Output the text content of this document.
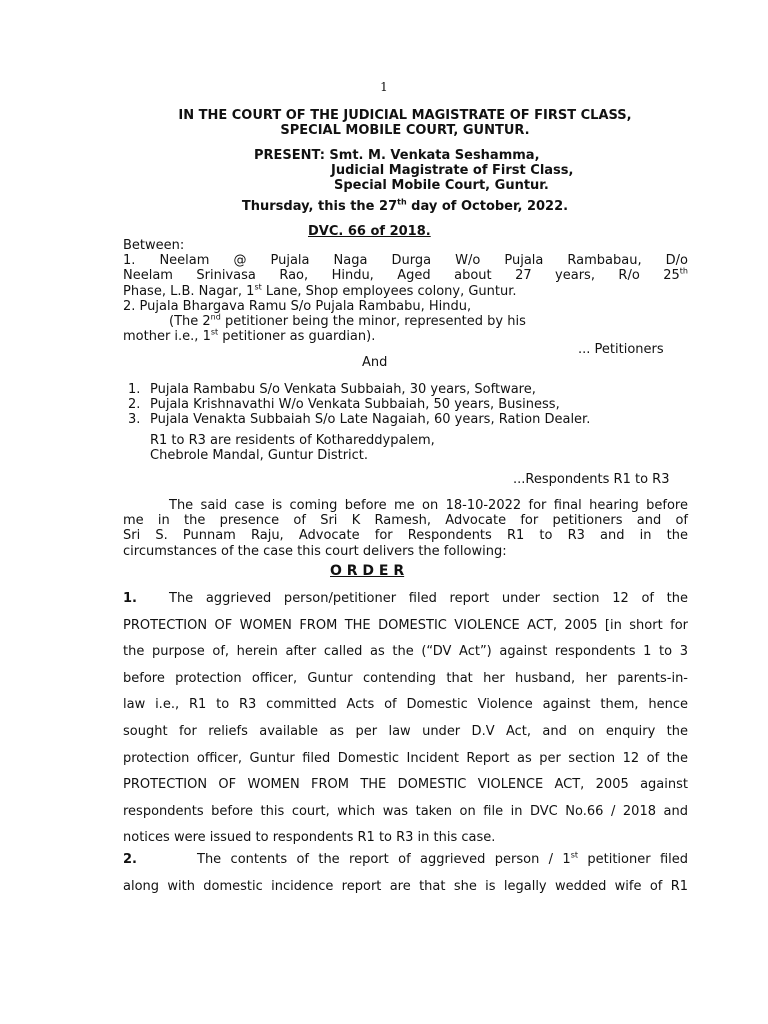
1
IN THE COURT OF THE JUDICIAL MAGISTRATE OF FIRST CLASS,
SPECIAL MOBILE COURT, GUNTUR.
PRESENT: Smt. M. Venkata Seshamma,
Judicial Magistrate of First Class,
Special Mobile Court, Guntur.
Thursday, this the 27th day of October, 2022.
DVC. 66 of 2018.
Between:
1. Neelam @ Pujala Naga Durga W/o Pujala Rambabau, D/o
Neelam Srinivasa Rao, Hindu, Aged about 27 years, R/o 25th
Phase, L.B. Nagar, 1st Lane, Shop employees colony, Guntur.
2. Pujala Bhargava Ramu S/o Pujala Rambabu, Hindu,
(The 2nd petitioner being the minor, represented by his
mother i.e., 1st petitioner as guardian).
... Petitioners
And
1. Pujala Rambabu S/o Venkata Subbaiah, 30 years, Software,
2. Pujala Krishnavathi W/o Venkata Subbaiah, 50 years, Business,
3. Pujala Venakta Subbaiah S/o Late Nagaiah, 60 years, Ration Dealer.
R1 to R3 are residents of Kothareddypalem,
Chebrole Mandal, Guntur District.
...Respondents R1 to R3
The said case is coming before me on 18-10-2022 for final hearing before
me in the presence of Sri K Ramesh, Advocate for petitioners and of
Sri S. Punnam Raju, Advocate for Respondents R1 to R3 and in the
circumstances of the case this court delivers the following:
O R D E R
1. The aggrieved person/petitioner filed report under section 12 of the
PROTECTION OF WOMEN FROM THE DOMESTIC VIOLENCE ACT, 2005 [in short for
the purpose of, herein after called as the (“DV Act”) against respondents 1 to 3
before protection officer, Guntur contending that her husband, her parents-in-
law i.e., R1 to R3 committed Acts of Domestic Violence against them, hence
sought for reliefs available as per law under D.V Act, and on enquiry the
protection officer, Guntur filed Domestic Incident Report as per section 12 of the
PROTECTION OF WOMEN FROM THE DOMESTIC VIOLENCE ACT, 2005 against
respondents before this court, which was taken on file in DVC No.66 / 2018 and
notices were issued to respondents R1 to R3 in this case.
2.	The contents of the report of aggrieved person / 1st petitioner filed
along with domestic incidence report are that she is legally wedded wife of R1
